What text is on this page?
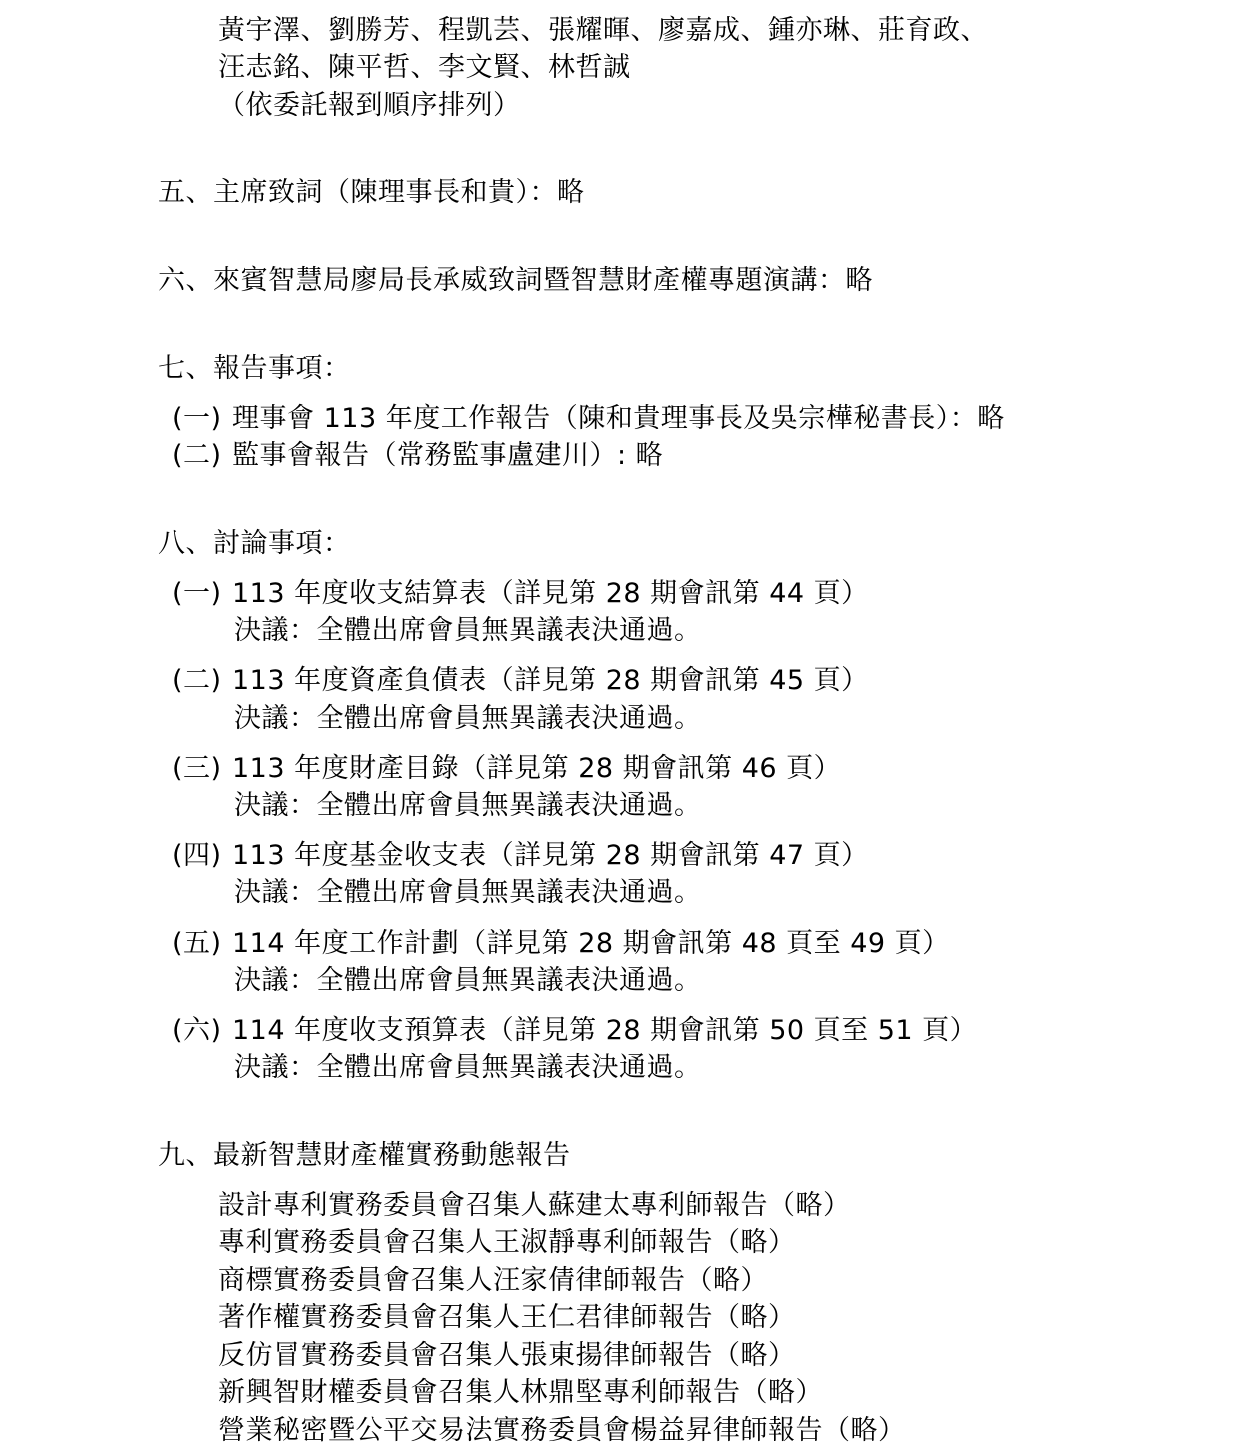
黃宇澤、劉勝芳、程凱芸、張耀暉、廖嘉成、鍾亦琳、莊育政、

汪志銘、陳平哲、李文賢、林哲誠

（依委託報到順序排列）

五、主席致詞（陳理事長和貴）：略

六、來賓智慧局廖局長承威致詞暨智慧財產權專題演講：略

七、報告事項：

(一) 理事會 113 年度工作報告（陳和貴理事長及吳宗樺秘書長）：略

(二) 監事會報告（常務監事盧建川）: 略

八、討論事項：

(一) 113 年度收支結算表（詳見第 28 期會訊第 44 頁）

決議：全體出席會員無異議表決通過。

(二) 113 年度資產負債表（詳見第 28 期會訊第 45 頁）

決議：全體出席會員無異議表決通過。

(三) 113 年度財產目錄（詳見第 28 期會訊第 46 頁）

決議：全體出席會員無異議表決通過。

(四) 113 年度基金收支表（詳見第 28 期會訊第 47 頁）

決議：全體出席會員無異議表決通過。

(五) 114 年度工作計劃（詳見第 28 期會訊第 48 頁至 49 頁）

決議：全體出席會員無異議表決通過。

(六) 114 年度收支預算表（詳見第 28 期會訊第 50 頁至 51 頁）

決議：全體出席會員無異議表決通過。

九、最新智慧財產權實務動態報告

設計專利實務委員會召集人蘇建太專利師報告（略）

專利實務委員會召集人王淑靜專利師報告（略）

商標實務委員會召集人汪家倩律師報告（略）

著作權實務委員會召集人王仁君律師報告（略）

反仿冒實務委員會召集人張東揚律師報告（略）

新興智財權委員會召集人林鼎堅專利師報告（略）

營業秘密暨公平交易法實務委員會楊益昇律師報告（略）
